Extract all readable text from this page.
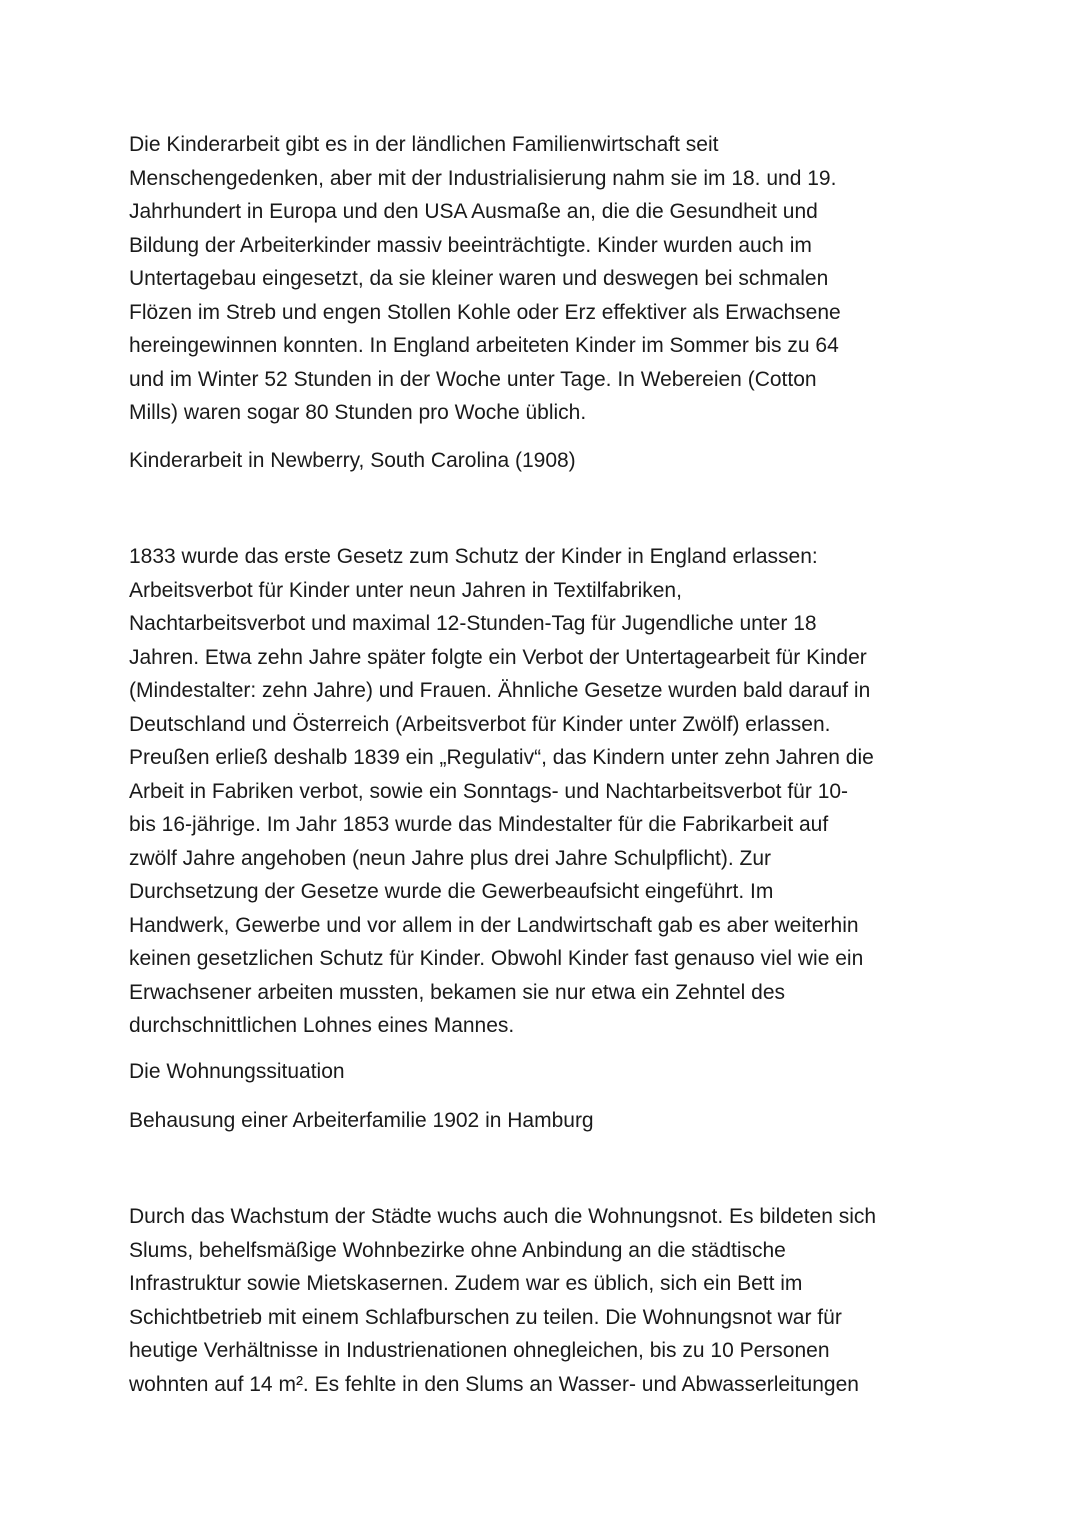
Die Kinderarbeit gibt es in der ländlichen Familienwirtschaft seit
Menschengedenken, aber mit der Industrialisierung nahm sie im 18. und 19.
Jahrhundert in Europa und den USA Ausmaße an, die die Gesundheit und
Bildung der Arbeiterkinder massiv beeinträchtigte. Kinder wurden auch im
Untertagebau eingesetzt, da sie kleiner waren und deswegen bei schmalen
Flözen im Streb und engen Stollen Kohle oder Erz effektiver als Erwachsene
hereingewinnen konnten. In England arbeiteten Kinder im Sommer bis zu 64
und im Winter 52 Stunden in der Woche unter Tage. In Webereien (Cotton
Mills) waren sogar 80 Stunden pro Woche üblich.
Kinderarbeit in Newberry, South Carolina (1908)
1833 wurde das erste Gesetz zum Schutz der Kinder in England erlassen:
Arbeitsverbot für Kinder unter neun Jahren in Textilfabriken,
Nachtarbeitsverbot und maximal 12-Stunden-Tag für Jugendliche unter 18
Jahren. Etwa zehn Jahre später folgte ein Verbot der Untertagearbeit für Kinder
(Mindestalter: zehn Jahre) und Frauen. Ähnliche Gesetze wurden bald darauf in
Deutschland und Österreich (Arbeitsverbot für Kinder unter Zwölf) erlassen.
Preußen erließ deshalb 1839 ein „Regulativ“, das Kindern unter zehn Jahren die
Arbeit in Fabriken verbot, sowie ein Sonntags- und Nachtarbeitsverbot für 10-
bis 16-jährige. Im Jahr 1853 wurde das Mindestalter für die Fabrikarbeit auf
zwölf Jahre angehoben (neun Jahre plus drei Jahre Schulpflicht). Zur
Durchsetzung der Gesetze wurde die Gewerbeaufsicht eingeführt. Im
Handwerk, Gewerbe und vor allem in der Landwirtschaft gab es aber weiterhin
keinen gesetzlichen Schutz für Kinder. Obwohl Kinder fast genauso viel wie ein
Erwachsener arbeiten mussten, bekamen sie nur etwa ein Zehntel des
durchschnittlichen Lohnes eines Mannes.
Die Wohnungssituation
Behausung einer Arbeiterfamilie 1902 in Hamburg
Durch das Wachstum der Städte wuchs auch die Wohnungsnot. Es bildeten sich
Slums, behelfsmäßige Wohnbezirke ohne Anbindung an die städtische
Infrastruktur sowie Mietskasernen. Zudem war es üblich, sich ein Bett im
Schichtbetrieb mit einem Schlafburschen zu teilen. Die Wohnungsnot war für
heutige Verhältnisse in Industrienationen ohnegleichen, bis zu 10 Personen
wohnten auf 14 m². Es fehlte in den Slums an Wasser- und Abwasserleitungen
